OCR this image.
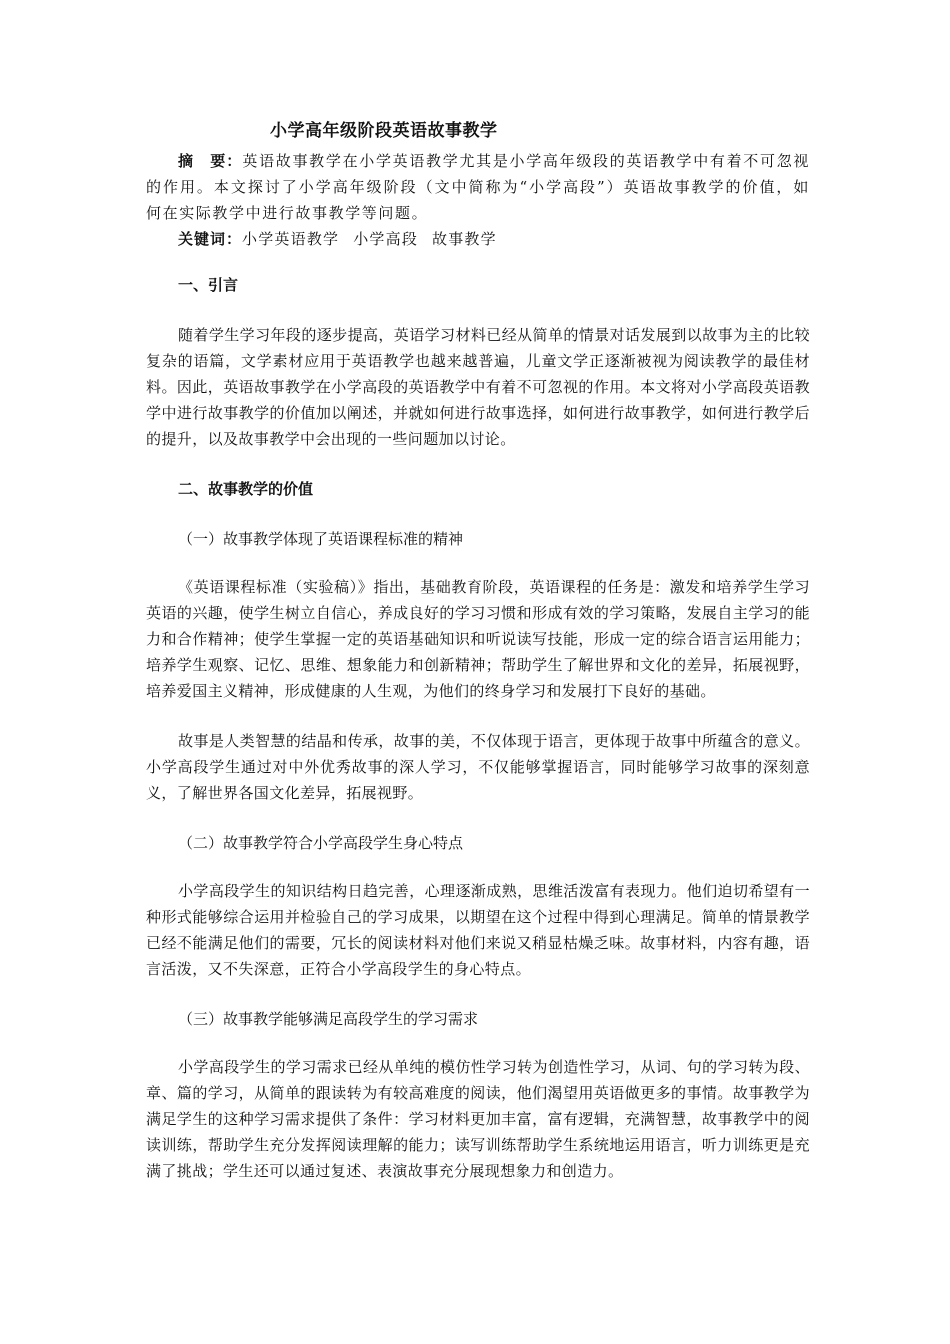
小学高年级阶段英语故事教学

摘　要：英语故事教学在小学英语教学尤其是小学高年级段的英语教学中有着不可忽视的作用。本文探讨了小学高年级阶段（文中简称为“小学高段”）英语故事教学的价值，如何在实际教学中进行故事教学等问题。

关键词：小学英语教学 小学高段 故事教学

一、引言

随着学生学习年段的逐步提高，英语学习材料已经从简单的情景对话发展到以故事为主的比较复杂的语篇，文学素材应用于英语教学也越来越普遍，儿童文学正逐渐被视为阅读教学的最佳材料。因此，英语故事教学在小学高段的英语教学中有着不可忽视的作用。本文将对小学高段英语教学中进行故事教学的价值加以阐述，并就如何进行故事选择，如何进行故事教学，如何进行教学后的提升，以及故事教学中会出现的一些问题加以讨论。

二、故事教学的价值
（一）故事教学体现了英语课程标准的精神

《英语课程标准（实验稿）》指出，基础教育阶段，英语课程的任务是：激发和培养学生学习英语的兴趣，使学生树立自信心，养成良好的学习习惯和形成有效的学习策略，发展自主学习的能力和合作精神；使学生掌握一定的英语基础知识和听说读写技能，形成一定的综合语言运用能力；培养学生观察、记忆、思维、想象能力和创新精神；帮助学生了解世界和文化的差异，拓展视野，培养爱国主义精神，形成健康的人生观，为他们的终身学习和发展打下良好的基础。

故事是人类智慧的结晶和传承，故事的美，不仅体现于语言，更体现于故事中所蕴含的意义。小学高段学生通过对中外优秀故事的深人学习，不仅能够掌握语言，同时能够学习故事的深刻意义，了解世界各国文化差异，拓展视野。

（二）故事教学符合小学高段学生身心特点

小学高段学生的知识结构日趋完善，心理逐渐成熟，思维活泼富有表现力。他们迫切希望有一种形式能够综合运用并检验自己的学习成果，以期望在这个过程中得到心理满足。简单的情景教学已经不能满足他们的需要，冗长的阅读材料对他们来说又稍显枯燥乏味。故事材料，内容有趣，语言活泼，又不失深意，正符合小学高段学生的身心特点。

（三）故事教学能够满足高段学生的学习需求

小学高段学生的学习需求已经从单纯的模仿性学习转为创造性学习，从词、句的学习转为段、章、篇的学习，从简单的跟读转为有较高难度的阅读，他们渴望用英语做更多的事情。故事教学为满足学生的这种学习需求提供了条件：学习材料更加丰富，富有逻辑，充满智慧，故事教学中的阅读训练，帮助学生充分发挥阅读理解的能力；读写训练帮助学生系统地运用语言，听力训练更是充满了挑战；学生还可以通过复述、表演故事充分展现想象力和创造力。
